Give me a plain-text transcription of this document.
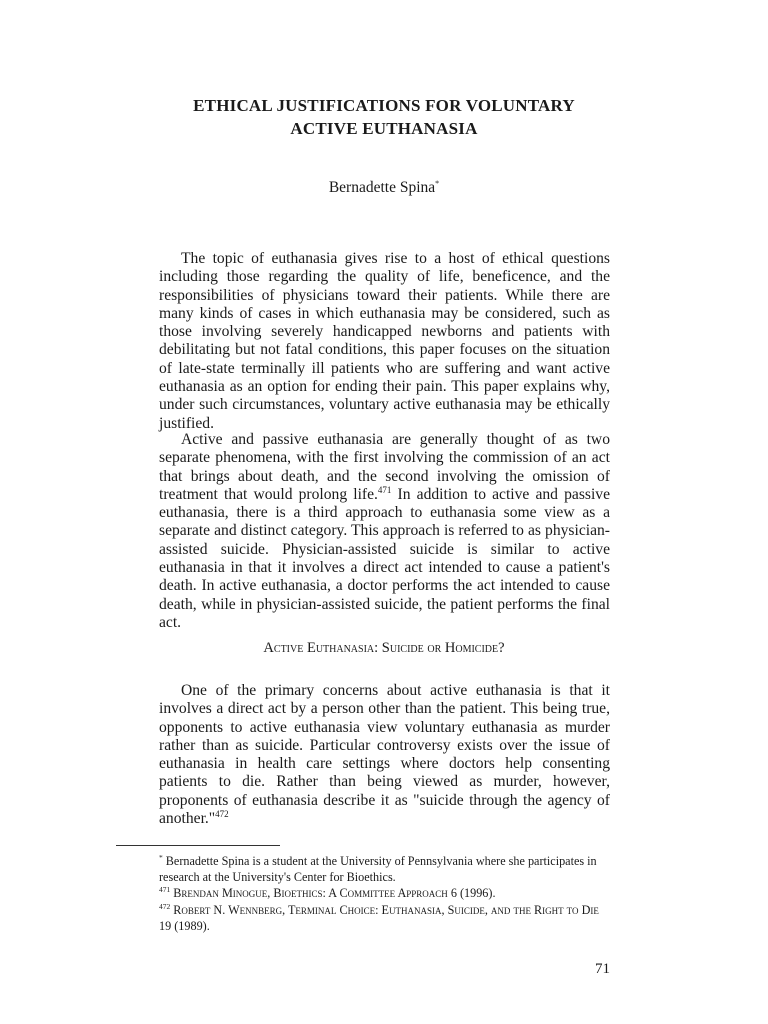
ETHICAL JUSTIFICATIONS FOR VOLUNTARY
ACTIVE EUTHANASIA
Bernadette Spina*

The topic of euthanasia gives rise to a host of ethical questions including those regarding the quality of life, beneficence, and the responsibilities of physicians toward their patients. While there are many kinds of cases in which euthanasia may be considered, such as those involving severely handicapped newborns and patients with debilitating but not fatal conditions, this paper focuses on the situation of late-state terminally ill patients who are suffering and want active euthanasia as an option for ending their pain. This paper explains why, under such circumstances, voluntary active euthanasia may be ethically justified.

Active and passive euthanasia are generally thought of as two separate phenomena, with the first involving the commission of an act that brings about death, and the second involving the omission of treatment that would prolong life.$^{471}$ In addition to active and passive euthanasia, there is a third approach to euthanasia some view as a separate and distinct category. This approach is referred to as physician-assisted suicide. Physician-assisted suicide is similar to active euthanasia in that it involves a direct act intended to cause a patient's death. In active euthanasia, a doctor performs the act intended to cause death, while in physician-assisted suicide, the patient performs the final act.

Active Euthanasia: Suicide or Homicide?

One of the primary concerns about active euthanasia is that it involves a direct act by a person other than the patient. This being true, opponents to active euthanasia view voluntary euthanasia as murder rather than as suicide. Particular controversy exists over the issue of euthanasia in health care settings where doctors help consenting patients to die. Rather than being viewed as murder, however, proponents of euthanasia describe it as "suicide through the agency of another."$^{472}$

* Bernadette Spina is a student at the University of Pennsylvania where she participates in research at the University's Center for Bioethics.

$^{471}$ Brendan Minogue, Bioethics: A Committee Approach 6 (1996).

$^{472}$ Robert N. Wennberg, Terminal Choice: Euthanasia, Suicide, and the Right to Die 19 (1989).

71
